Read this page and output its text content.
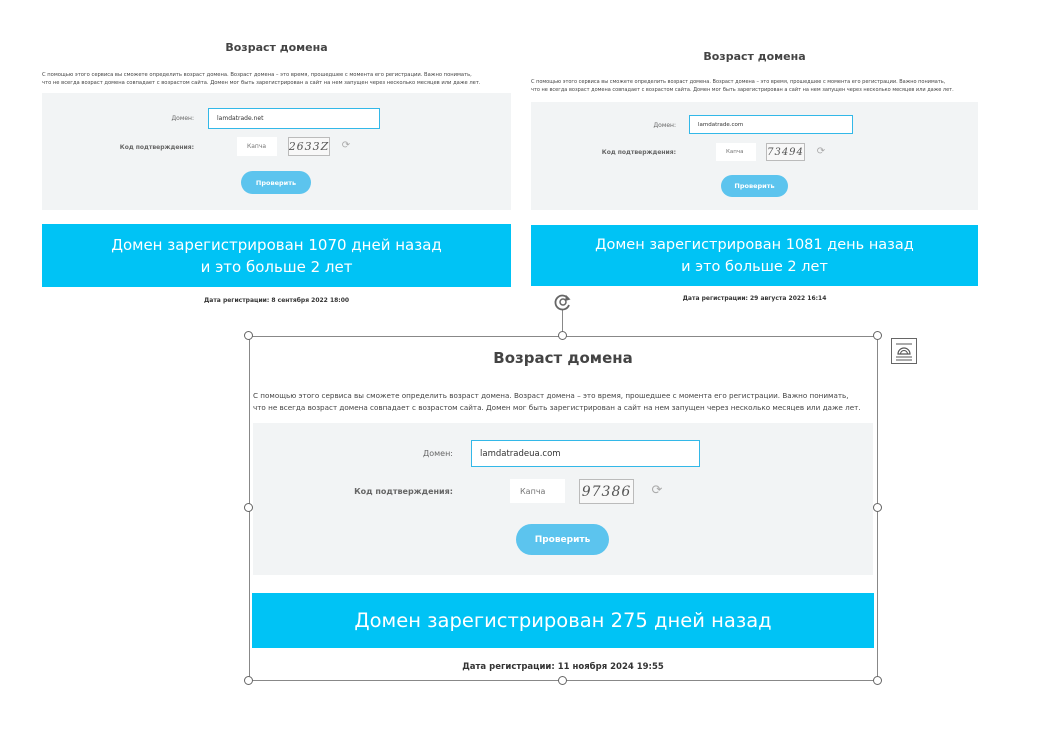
Возраст домена
С помощью этого сервиса вы сможете определить возраст домена. Возраст домена – это время, прошедшее с момента его регистрации. Важно понимать,
что не всегда возраст домена совпадает с возрастом сайта. Домен мог быть зарегистрирован а сайт на нем запущен через несколько месяцев или даже лет.
Домен:
lamdatrade.net
Код подтверждения:
Капча	2633Z ⟳
Проверить
Домен зарегистрирован 1070 дней назад
и это больше 2 лет
Дата регистрации: 8 сентября 2022 18:00
Возраст домена
С помощью этого сервиса вы сможете определить возраст домена. Возраст домена – это время, прошедшее с момента его регистрации. Важно понимать,
что не всегда возраст домена совпадает с возрастом сайта. Домен мог быть зарегистрирован а сайт на нем запущен через несколько месяцев или даже лет.
Домен:
lamdatrade.com
Код подтверждения:
Капча	73494 ⟳
Проверить
Домен зарегистрирован 1081 день назад
и это больше 2 лет
Дата регистрации: 29 августа 2022 16:14
Возраст домена
С помощью этого сервиса вы сможете определить возраст домена. Возраст домена – это время, прошедшее с момента его регистрации. Важно понимать,
что не всегда возраст домена совпадает с возрастом сайта. Домен мог быть зарегистрирован а сайт на нем запущен через несколько месяцев или даже лет.
Домен:
lamdatradeua.com
Код подтверждения:
Капча	97386 ⟳
Проверить
Домен зарегистрирован 275 дней назад
Дата регистрации: 11 ноября 2024 19:55
